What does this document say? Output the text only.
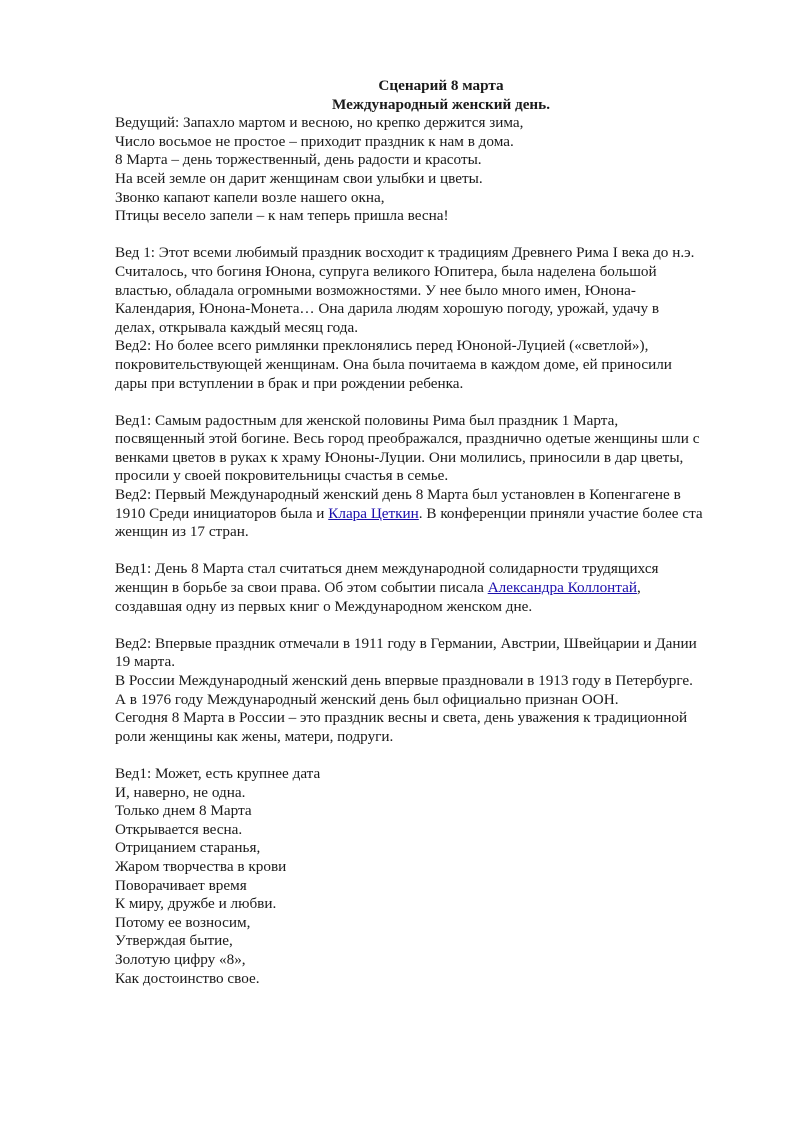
Сценарий 8 марта
Международный женский день.
Ведущий: Запахло мартом и весною, но крепко держится зима,
Число восьмое не простое – приходит праздник к нам в дома.
8 Марта – день торжественный, день радости и красоты.
На всей земле он дарит женщинам свои улыбки и цветы.
Звонко капают капели возле нашего окна,
Птицы весело запели – к нам теперь пришла весна!
Вед 1: Этот всеми любимый праздник восходит к традициям Древнего Рима I века до н.э.
Считалось, что богиня Юнона, супруга великого Юпитера, была наделена большой
властью, обладала огромными возможностями. У нее было много имен, Юнона-
Календария, Юнона-Монета… Она дарила людям хорошую погоду, урожай, удачу в
делах, открывала каждый месяц года.
Вед2: Но более всего римлянки преклонялись перед Юноной-Луцией («светлой»),
покровительствующей женщинам. Она была почитаема в каждом доме, ей приносили
дары при вступлении в брак и при рождении ребенка.
Вед1: Самым радостным для женской половины Рима был праздник 1 Марта,
посвященный этой богине. Весь город преображался, празднично одетые женщины шли с
венками цветов в руках к храму Юноны-Луции. Они молились, приносили в дар цветы,
просили у своей покровительницы счастья в семье.
Вед2: Первый Международный женский день 8 Марта был установлен в Копенгагене в
1910 Среди инициаторов была и Клара Цеткин. В конференции приняли участие более ста
женщин из 17 стран.
Вед1: День 8 Марта стал считаться днем международной солидарности трудящихся
женщин в борьбе за свои права. Об этом событии писала Александра Коллонтай,
создавшая одну из первых книг о Международном женском дне.
Вед2: Впервые праздник отмечали в 1911 году в Германии, Австрии, Швейцарии и Дании
19 марта.
В России Международный женский день впервые праздновали в 1913 году в Петербурге.
А в 1976 году Международный женский день был официально признан ООН.
Сегодня 8 Марта в России – это праздник весны и света, день уважения к традиционной
роли женщины как жены, матери, подруги.
Вед1: Может, есть крупнее дата
И, наверно, не одна.
Только днем 8 Марта
Открывается весна.
Отрицанием старанья,
Жаром творчества в крови
Поворачивает время
К миру, дружбе и любви.
Потому ее возносим,
Утверждая бытие,
Золотую цифру «8»,
Как достоинство свое.
